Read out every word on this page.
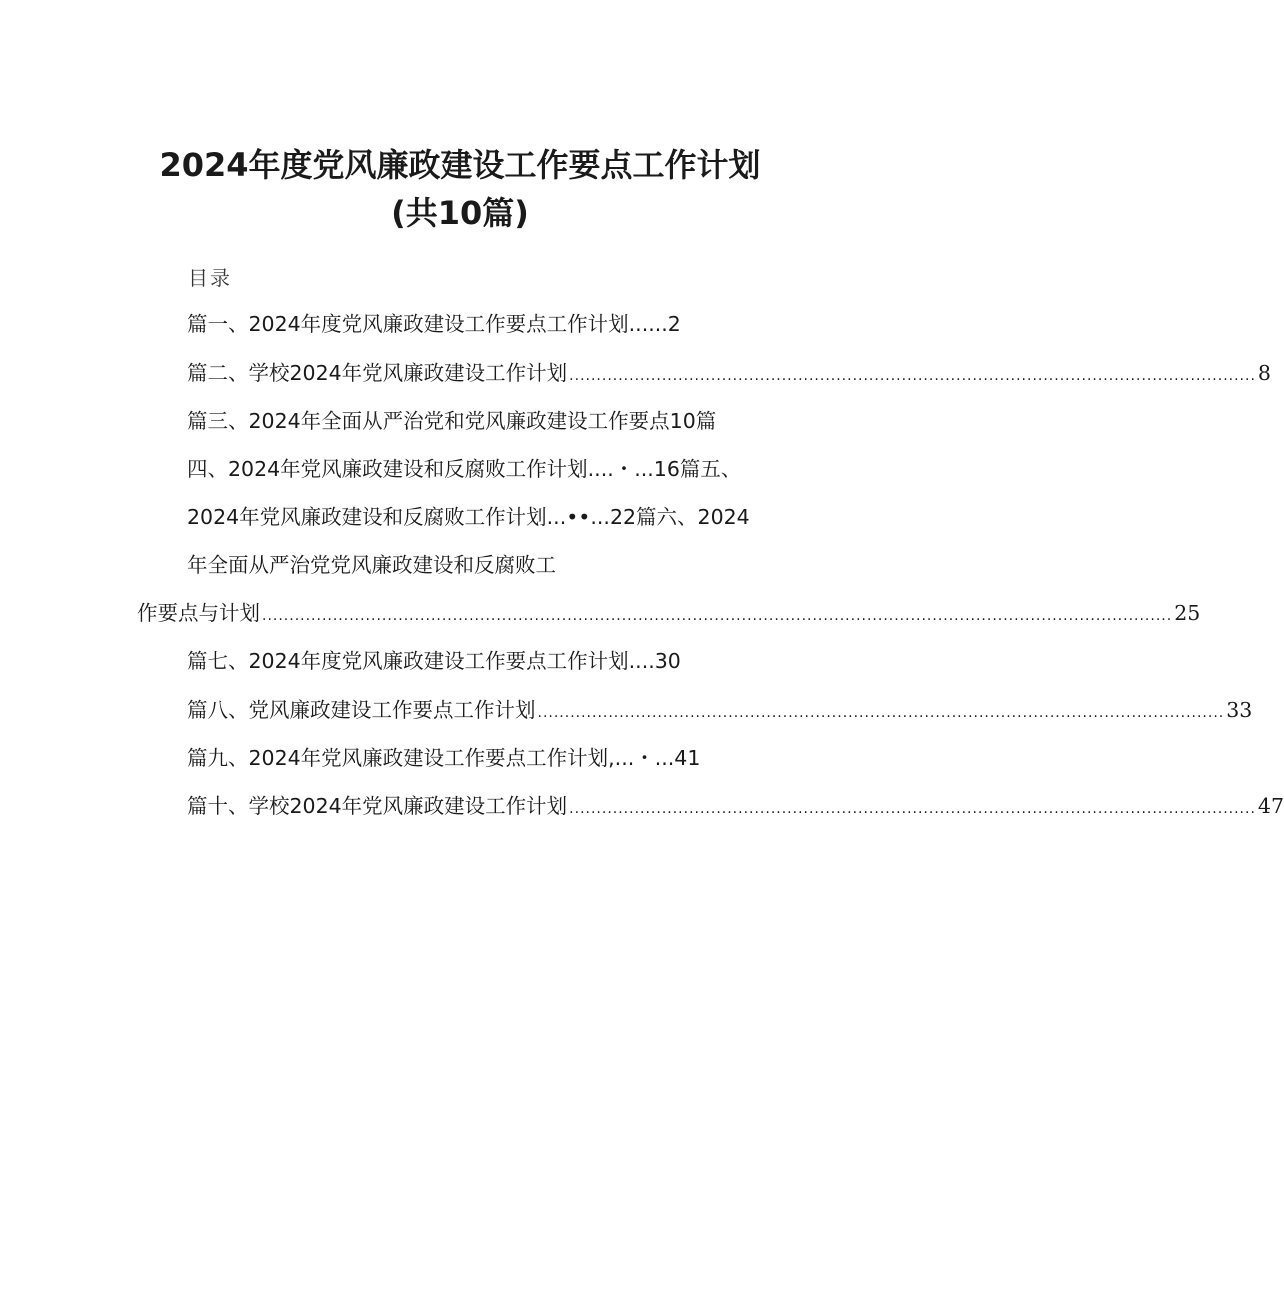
2024年度党风廉政建设工作要点工作计划
(共10篇)
目录
篇一、2024年度党风廉政建设工作要点工作计划......2
篇二、学校2024年党风廉政建设工作计划 .............................................................................................................................. 8
篇三、2024年全面从严治党和党风廉政建设工作要点10篇
四、2024年党风廉政建设和反腐败工作计划....・...16篇五、
2024年党风廉政建设和反腐败工作计划...••...22篇六、2024
年全面从严治党党风廉政建设和反腐败工
作要点与计划 ....................................................................................................................................................................... 25
篇七、2024年度党风廉政建设工作要点工作计划....30
篇八、党风廉政建设工作要点工作计划 .............................................................................................................................. 33
篇九、2024年党风廉政建设工作要点工作计划,...・...41
篇十、学校2024年党风廉政建设工作计划 .............................................................................................................................. 47
